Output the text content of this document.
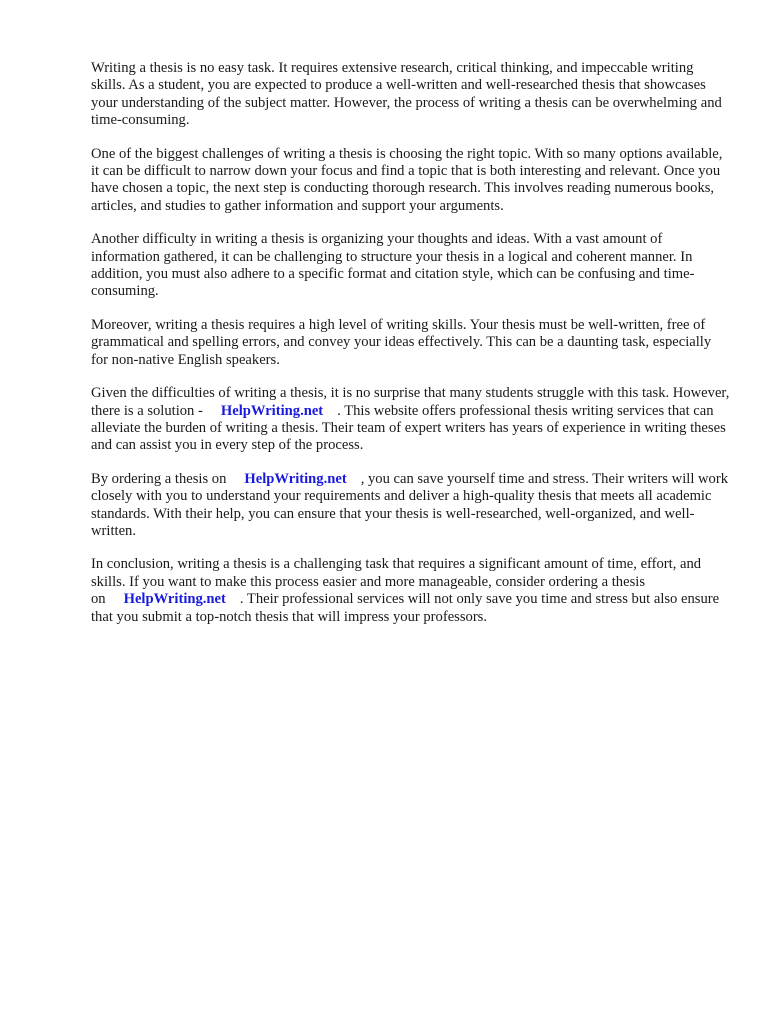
Writing a thesis is no easy task. It requires extensive research, critical thinking, and impeccable writing skills. As a student, you are expected to produce a well-written and well-researched thesis that showcases your understanding of the subject matter. However, the process of writing a thesis can be overwhelming and time-consuming.

One of the biggest challenges of writing a thesis is choosing the right topic. With so many options available, it can be difficult to narrow down your focus and find a topic that is both interesting and relevant. Once you have chosen a topic, the next step is conducting thorough research. This involves reading numerous books, articles, and studies to gather information and support your arguments.

Another difficulty in writing a thesis is organizing your thoughts and ideas. With a vast amount of information gathered, it can be challenging to structure your thesis in a logical and coherent manner. In addition, you must also adhere to a specific format and citation style, which can be confusing and time-consuming.

Moreover, writing a thesis requires a high level of writing skills. Your thesis must be well-written, free of grammatical and spelling errors, and convey your ideas effectively. This can be a daunting task, especially for non-native English speakers.

Given the difficulties of writing a thesis, it is no surprise that many students struggle with this task. However, there is a solution - HelpWriting.net . This website offers professional thesis writing services that can alleviate the burden of writing a thesis. Their team of expert writers has years of experience in writing theses and can assist you in every step of the process.

By ordering a thesis on HelpWriting.net , you can save yourself time and stress. Their writers will work closely with you to understand your requirements and deliver a high-quality thesis that meets all academic standards. With their help, you can ensure that your thesis is well-researched, well-organized, and well-written.

In conclusion, writing a thesis is a challenging task that requires a significant amount of time, effort, and skills. If you want to make this process easier and more manageable, consider ordering a thesis on HelpWriting.net . Their professional services will not only save you time and stress but also ensure that you submit a top-notch thesis that will impress your professors.
